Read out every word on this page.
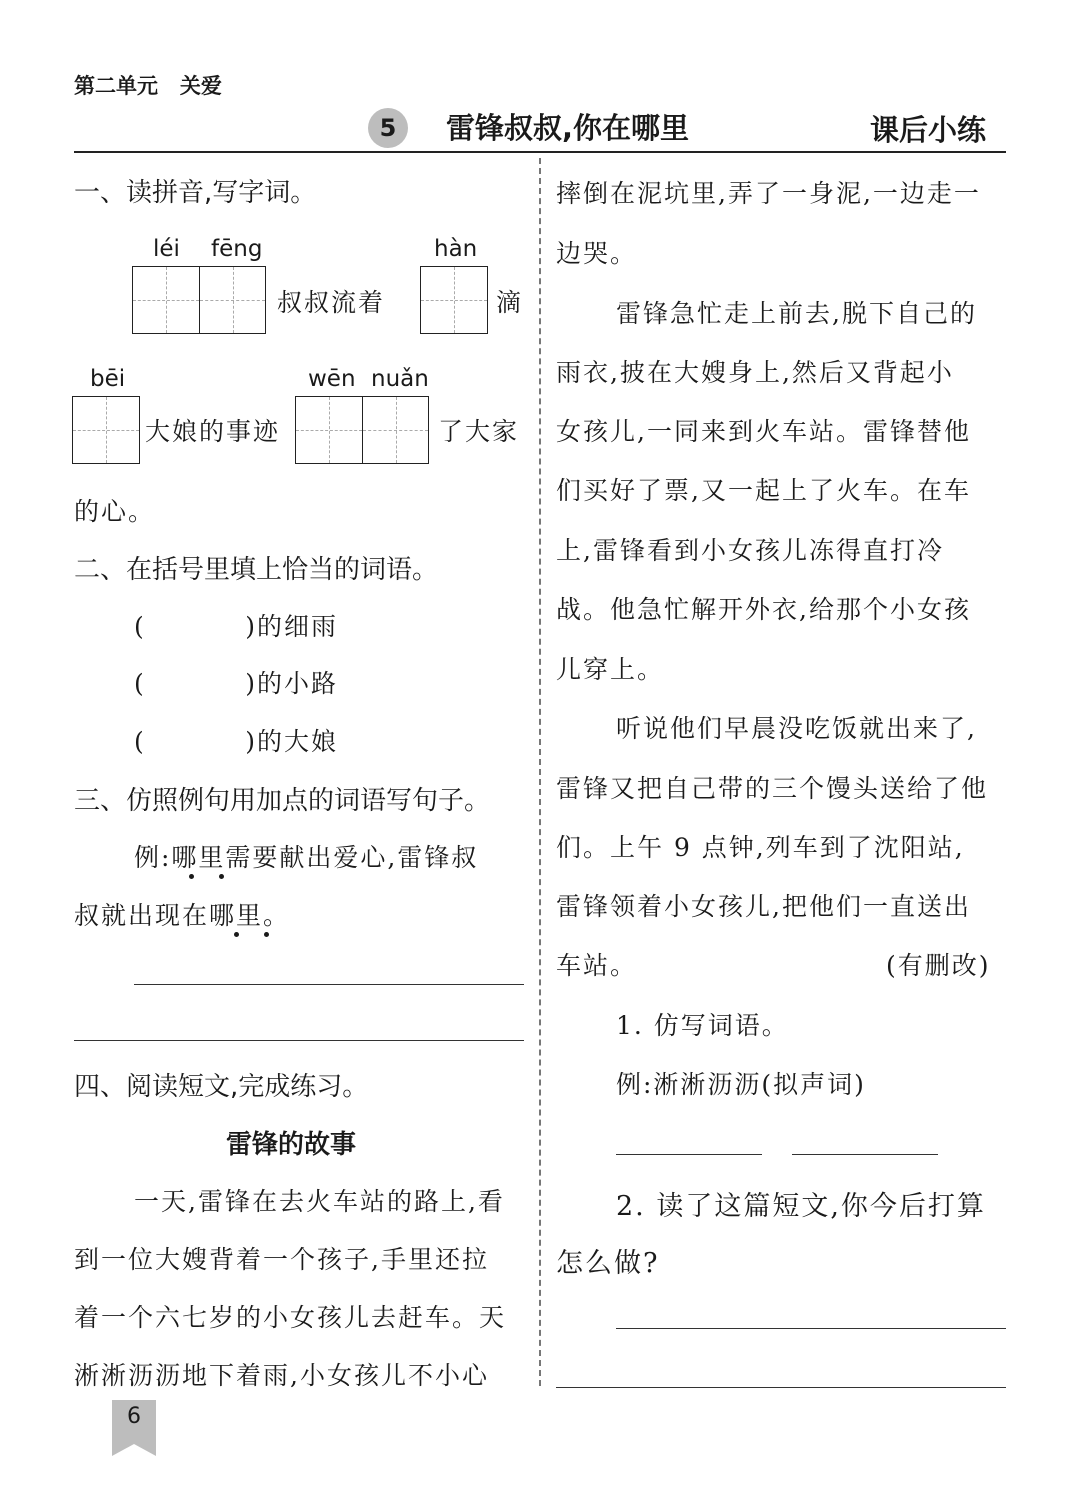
第二单元   关爱
5	雷锋叔叔,你在哪里	课后小练
一、读拼音,写字词。
léi fēng	hàn
叔叔流着	滴
bēi	wēn nuǎn
大娘的事迹	了大家
的心。
二、在括号里填上恰当的词语。
(          )的细雨
(          )的小路
(          )的大娘
三、仿照例句用加点的词语写句子。
例:哪里需要献出爱心,雷锋叔
叔就出现在哪里。
四、阅读短文,完成练习。
雷锋的故事
一天,雷锋在去火车站的路上,看
到一位大嫂背着一个孩子,手里还拉
着一个六七岁的小女孩儿去赶车。天
淅淅沥沥地下着雨,小女孩儿不小心
摔倒在泥坑里,弄了一身泥,一边走一
边哭。
雷锋急忙走上前去,脱下自己的
雨衣,披在大嫂身上,然后又背起小
女孩儿,一同来到火车站。雷锋替他
们买好了票,又一起上了火车。在车
上,雷锋看到小女孩儿冻得直打冷
战。他急忙解开外衣,给那个小女孩
儿穿上。
听说他们早晨没吃饭就出来了,
雷锋又把自己带的三个馒头送给了他
们。上午 9 点钟,列车到了沈阳站,
雷锋领着小女孩儿,把他们一直送出
车站。	(有删改)
1. 仿写词语。
例:淅淅沥沥(拟声词)
2. 读了这篇短文,你今后打算
怎么做?
6
